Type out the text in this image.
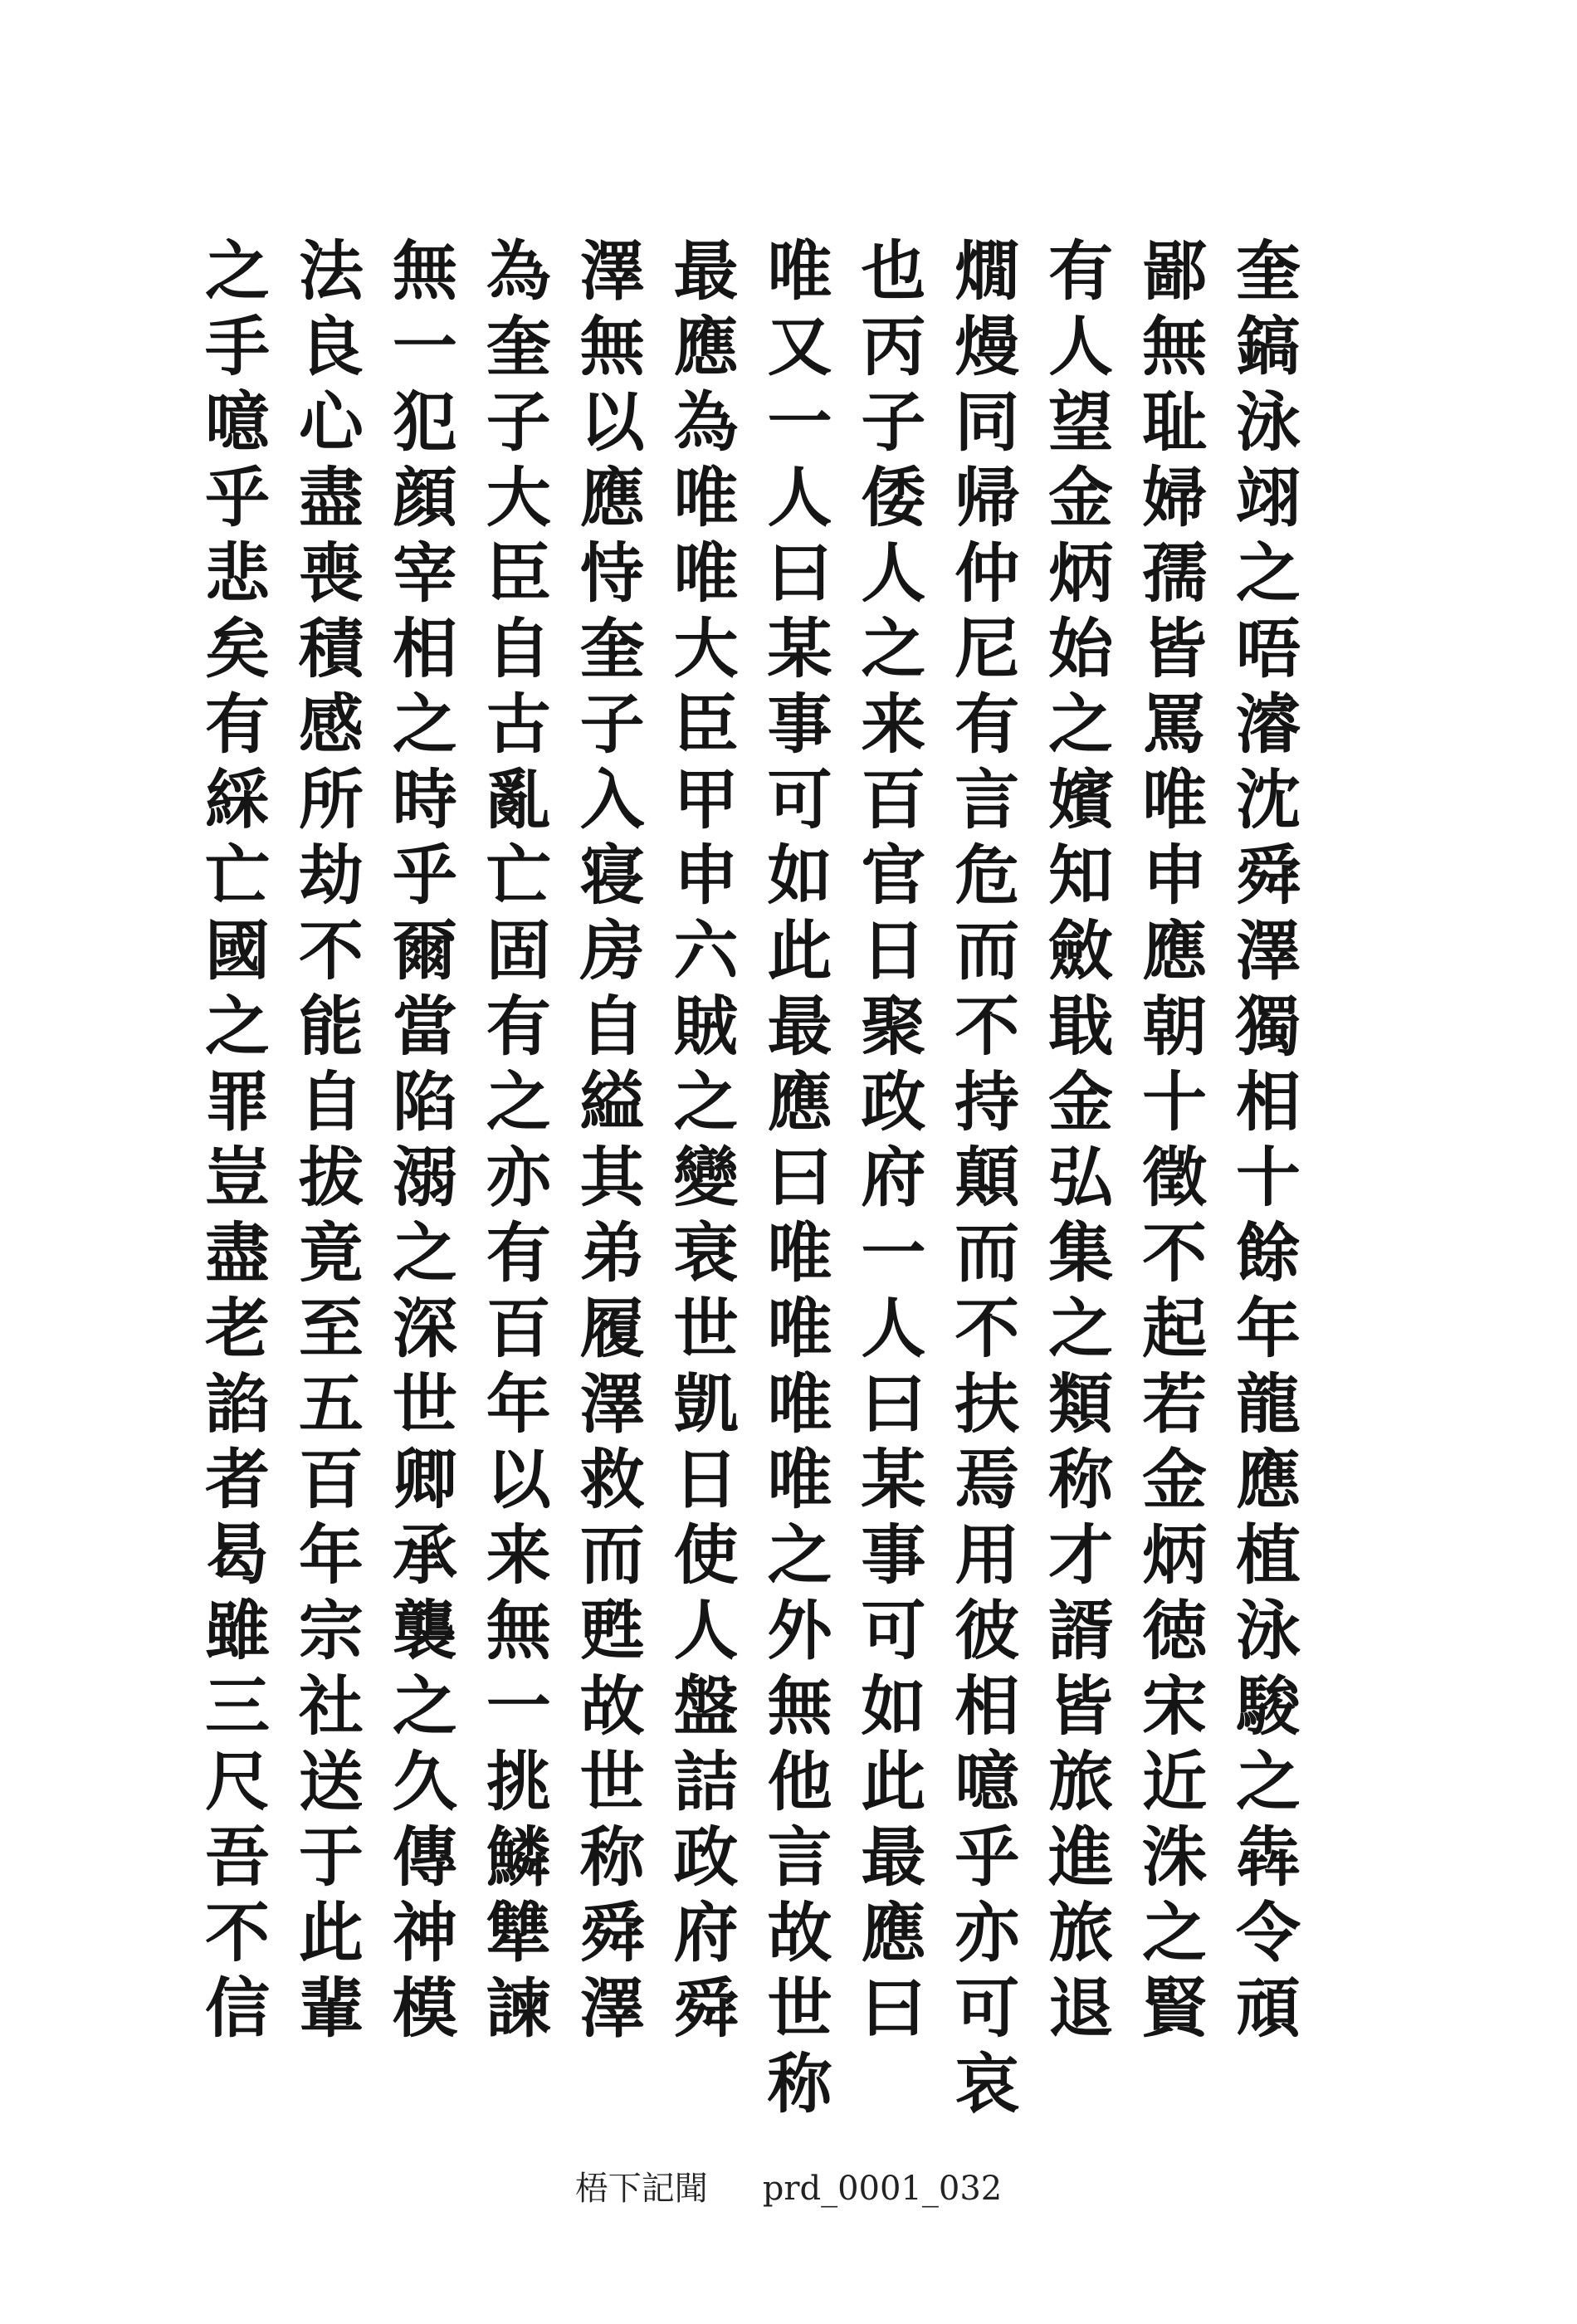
奎鎬泳翊之唔濬沈舜澤獨相十餘年龍應植泳駿之犇令頑
鄙無耻婦孺皆罵唯申應朝十徵不起若金炳徳宋近洙之賢
有人望金炳始之嬪知斂戢金弘集之類称才諝皆旅進旅退
燗熳同帰仲尼有言危而不持顛而不扶焉用彼相噫乎亦可哀
也丙子倭人之来百官日聚政府一人曰某事可如此最應曰
唯又一人曰某事可如此最應曰唯唯唯唯之外無他言故世称
最應為唯唯大臣甲申六賊之變衰世凱日使人盤詰政府舜
澤無以應恃奎子入寝房自縊其弟履澤救而甦故世称舜澤
為奎子大臣自古亂亡固有之亦有百年以来無一挑鱗犨諫
無一犯顔宰相之時乎爾當陷溺之深世卿承襲之久傳神模
法良心盡喪積感所劫不能自拔竟至五百年宗社送于此輩
之手噫乎悲矣有綵亡國之罪豈盡老諂者曷雖三尺吾不信
梧下記聞 prd_0001_032
